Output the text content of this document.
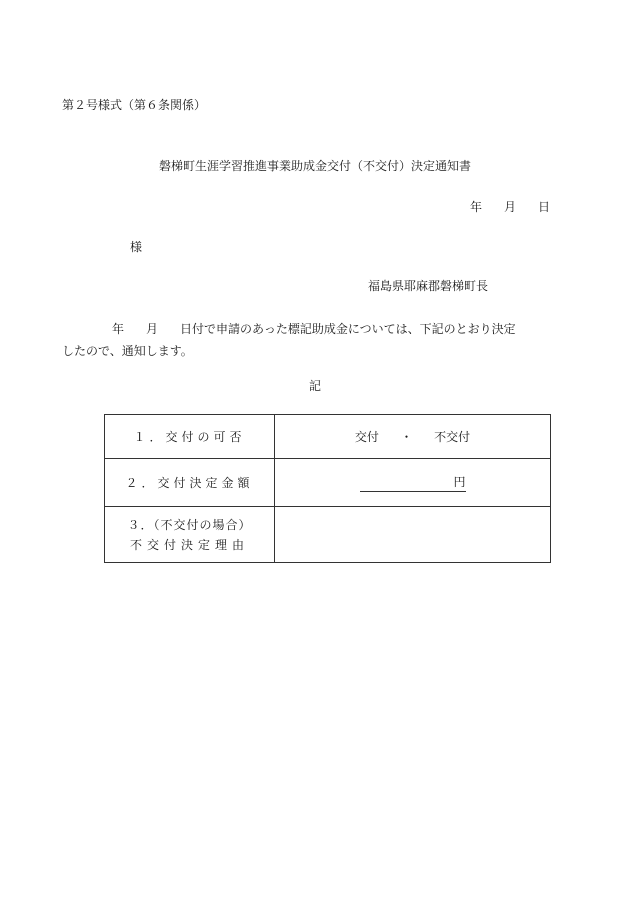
第２号様式（第６条関係）
磐梯町生涯学習推進事業助成金交付（不交付）決定通知書
年 月 日
様
福島県耶麻郡磐梯町長
年 月 日付で申請のあった標記助成金については、下記のとおり決定
したので、通知します。
記
１．交付の可否	交付 ・ 不交付
２．交付決定金額	円

３．（不交付の場合）
不交付決定理由	
